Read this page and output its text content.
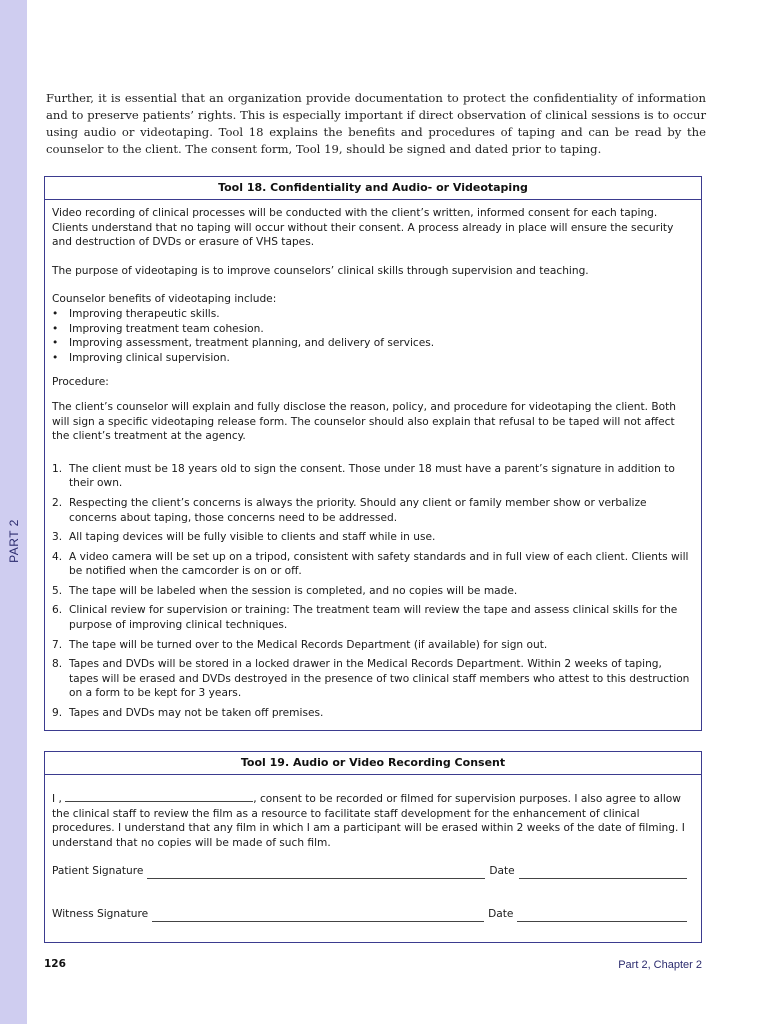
PART 2

Further, it is essential that an organization provide documentation to protect the confidentiality of information and to preserve patients’ rights. This is especially important if direct observation of clinical sessions is to occur using audio or videotaping. Tool 18 explains the benefits and procedures of taping and can be read by the counselor to the client. The consent form, Tool 19, should be signed and dated prior to taping.

Tool 18. Confidentiality and Audio- or Videotaping

Video recording of clinical processes will be conducted with the client’s written, informed consent for each taping. Clients understand that no taping will occur without their consent. A process already in place will ensure the security and destruction of DVDs or erasure of VHS tapes.

The purpose of videotaping is to improve counselors’ clinical skills through supervision and teaching.

Counselor benefits of videotaping include:

• Improving therapeutic skills.
• Improving treatment team cohesion.
• Improving assessment, treatment planning, and delivery of services.
• Improving clinical supervision.

Procedure:

The client’s counselor will explain and fully disclose the reason, policy, and procedure for videotaping the client. Both will sign a specific videotaping release form. The counselor should also explain that refusal to be taped will not affect the client’s treatment at the agency.

1. The client must be 18 years old to sign the consent. Those under 18 must have a parent’s signature in addition to their own.
2. Respecting the client’s concerns is always the priority. Should any client or family member show or verbalize concerns about taping, those concerns need to be addressed.
3. All taping devices will be fully visible to clients and staff while in use.
4. A video camera will be set up on a tripod, consistent with safety standards and in full view of each client. Clients will be notified when the camcorder is on or off.
5. The tape will be labeled when the session is completed, and no copies will be made.
6. Clinical review for supervision or training: The treatment team will review the tape and assess clinical skills for the purpose of improving clinical techniques.
7. The tape will be turned over to the Medical Records Department (if available) for sign out.
8. Tapes and DVDs will be stored in a locked drawer in the Medical Records Department. Within 2 weeks of taping, tapes will be erased and DVDs destroyed in the presence of two clinical staff members who attest to this destruction on a form to be kept for 3 years.
9. Tapes and DVDs may not be taken off premises.
Tool 19. Audio or Video Recording Consent

I ,	, consent to be recorded or filmed for supervision purposes. I also agree to allow the clinical staff to review the film as a resource to facilitate staff development for the enhancement of clinical procedures. I understand that any film in which I am a participant will be erased within 2 weeks of the date of filming. I understand that no copies will be made of such film.

Patient Signature	Date
Witness Signature	Date
126	Part 2, Chapter 2
